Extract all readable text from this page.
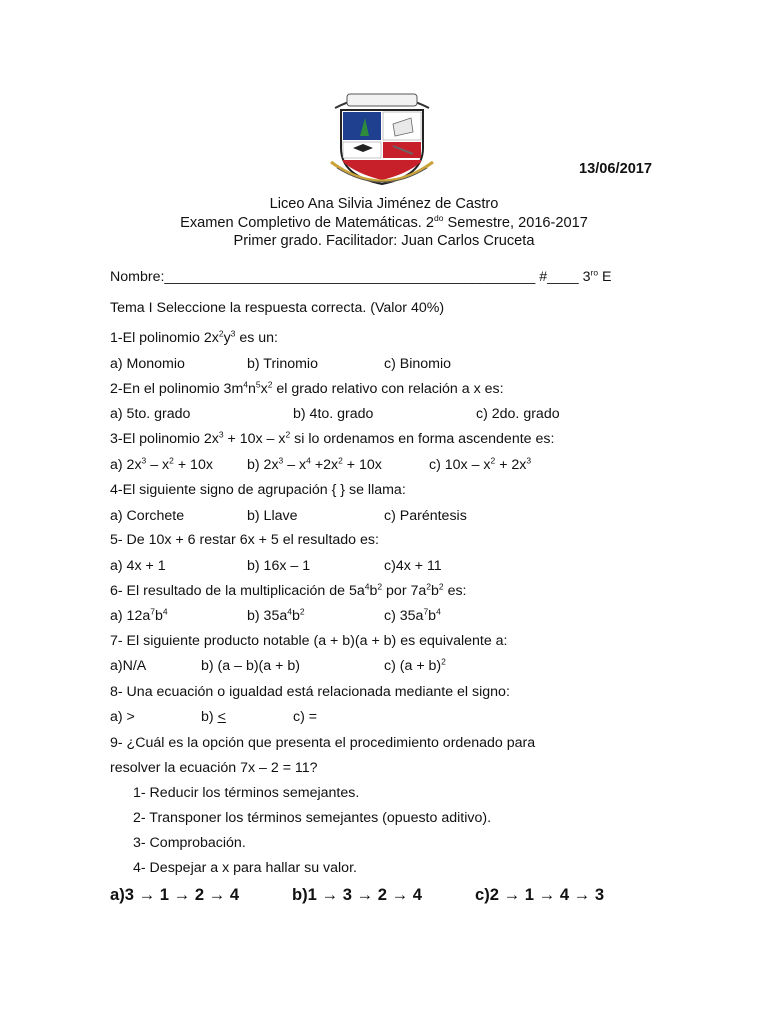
13/06/2017
Liceo Ana Silvia Jiménez de Castro
Examen Completivo de Matemáticas. $2^{do}$ Semestre, 2016-2017
Primer grado. Facilitador: Juan Carlos Cruceta
Nombre:_______________________________________________ #____ $3^{ro}$ E
Tema I Seleccione la respuesta correcta. (Valor 40%)
1-El polinomio $2x^2y^3$ es un:
a) Monomio	b) Trinomio	c) Binomio
2-En el polinomio $3m^4n^5x^2$ el grado relativo con relación a x es:
a) 5to. grado	b) 4to. grado	c) 2do. grado
3-El polinomio $2x^3 + 10x - x^2$ si lo ordenamos en forma ascendente es:
a) $2x^3 - x^2 + 10x$ b) $2x^3 - x^4 +2x^2 + 10x$	c) $10x - x^2 + 2x^3$
4-El siguiente signo de agrupación { } se llama:
a) Corchete	b) Llave	c) Paréntesis
5- De 10x + 6 restar 6x + 5 el resultado es:
a) 4x + 1	b) 16x – 1	c)4x + 11
6- El resultado de la multiplicación de $5a^4b^2$ por $7a^2b^2$ es:
a) $12a^7b^4$	b) $35a^4b^2$	c) $35a^7b^4$
7- El siguiente producto notable (a + b)(a + b) es equivalente a:
a)N/A	b) (a – b)(a + b)	c) $(a + b)^2$
8- Una ecuación o igualdad está relacionada mediante el signo:
a) >	b) <	c) =
9- ¿Cuál es la opción que presenta el procedimiento ordenado para
resolver la ecuación 7x – 2 = 11?
1- Reducir los términos semejantes.
2- Transponer los términos semejantes (opuesto aditivo).
3- Comprobación.
4- Despejar a x para hallar su valor.
a)3 → 1 → 2 → 4	b)1 → 3 → 2 → 4	c)2 → 1 → 4 → 3
